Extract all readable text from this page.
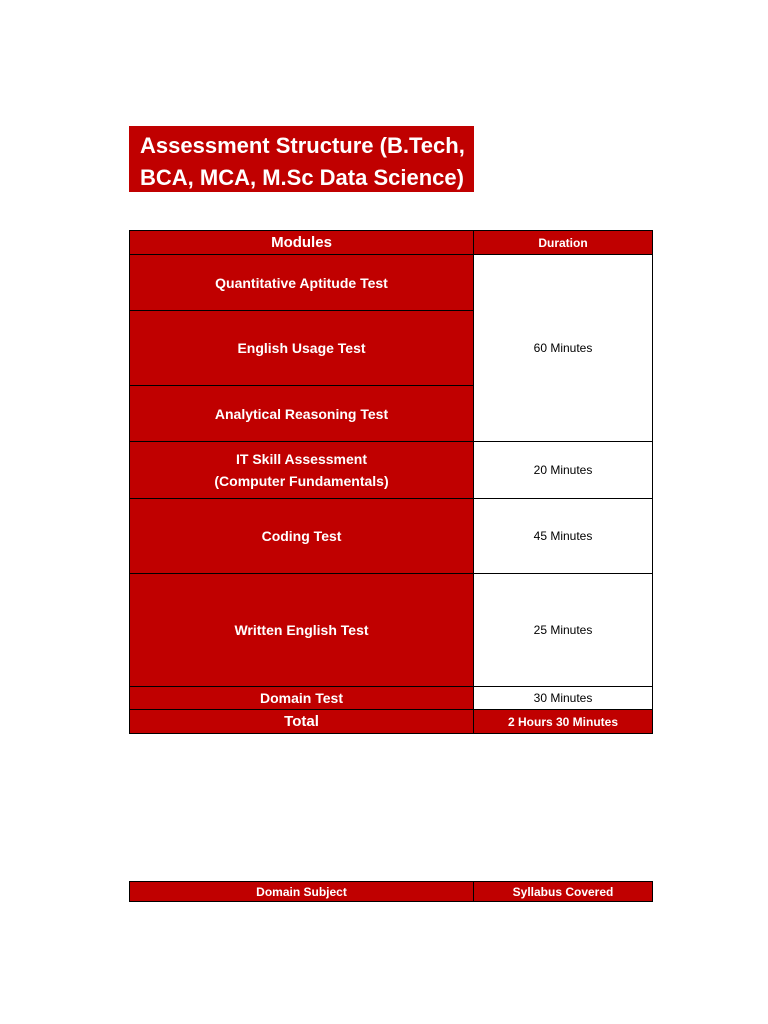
Assessment Structure (B.Tech,
BCA, MCA, M.Sc Data Science)
Modules	Duration
Quantitative Aptitude Test	60 Minutes
English Usage Test	
Analytical Reasoning Test	

IT Skill Assessment
(Computer Fundamentals)	20 Minutes
Coding Test	45 Minutes
Written English Test	25 Minutes
Domain Test	30 Minutes
Total	2 Hours 30 Minutes
Domain Subject	Syllabus Covered
